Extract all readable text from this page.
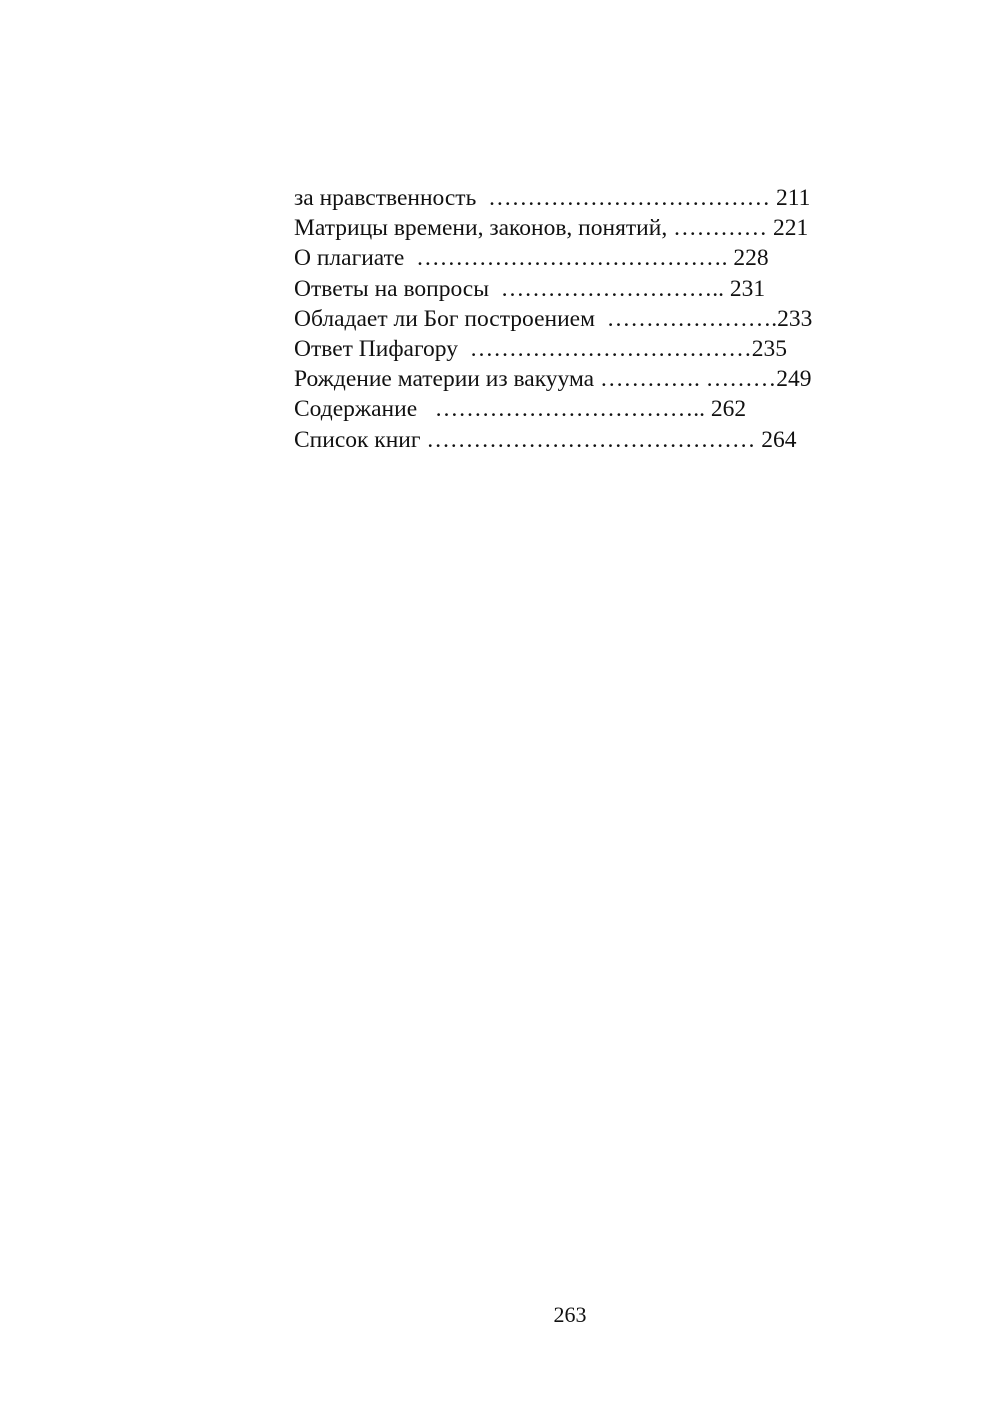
за нравственность ……………………………… 211
Матрицы времени, законов, понятий, ………… 221
О плагиате …………………………………. 228
Ответы на вопросы ……………………….. 231
Обладает ли Бог построением …………………. 233
Ответ Пифагору ……………………………… 235
Рождение материи из вакуума …………. ……… 249
Содержание …………………………….. 262
Список книг …………………………………… 264
263
